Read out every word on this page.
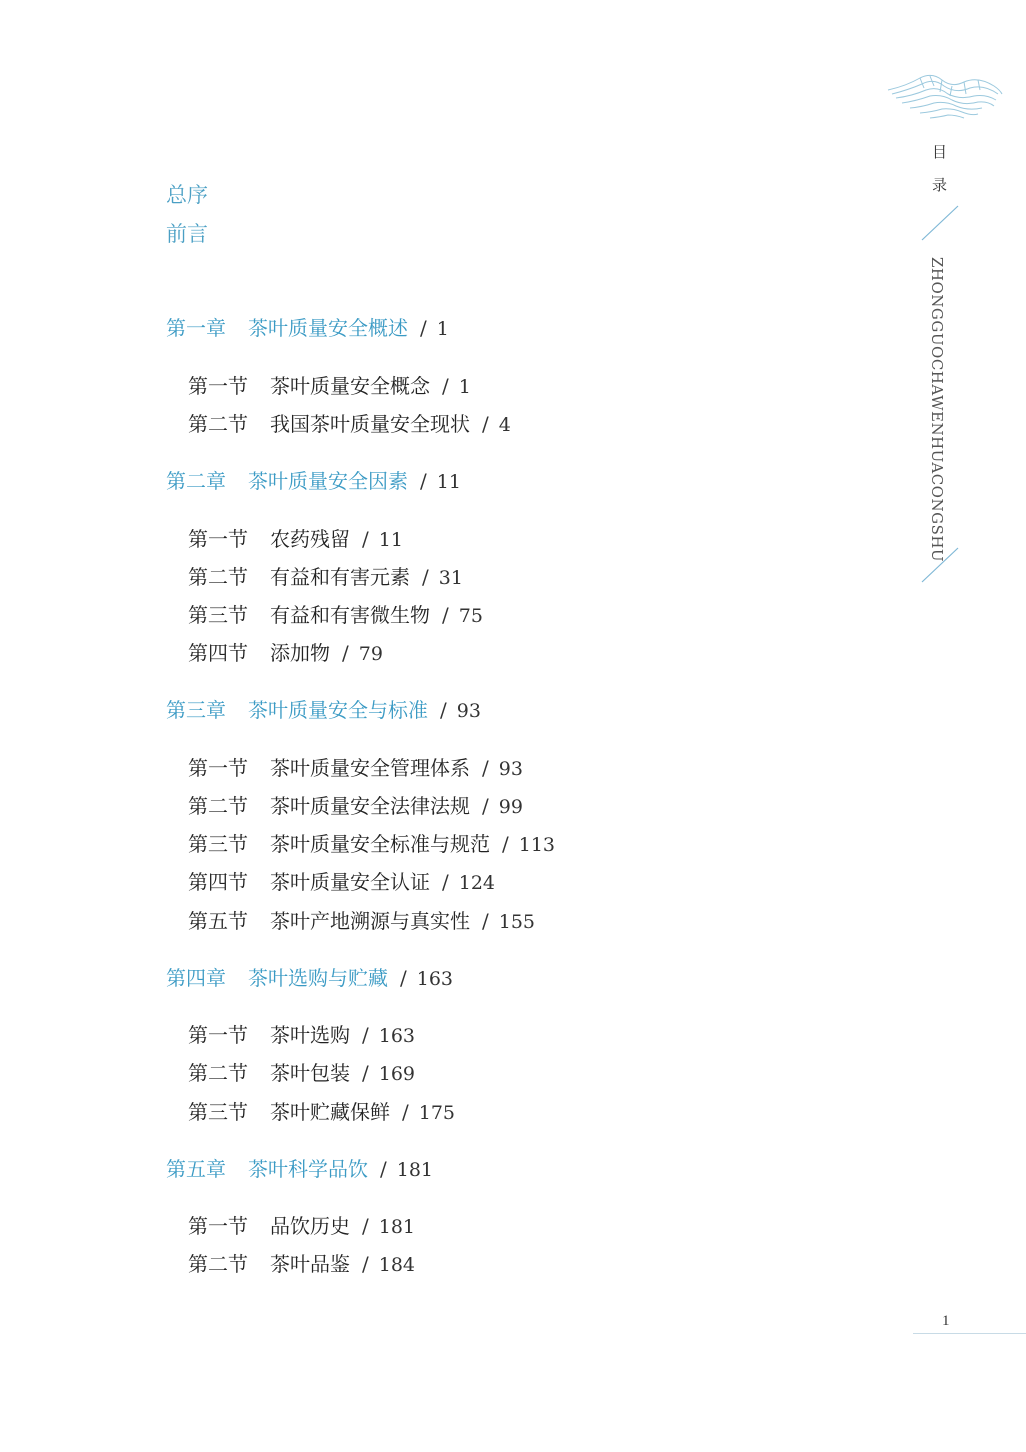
目
录
ZHONGGUOCHAWENHUACONGSHU
总序
前言
第一章 茶叶质量安全概述 / 1
第一节 茶叶质量安全概念 / 1
第二节 我国茶叶质量安全现状 / 4
第二章 茶叶质量安全因素 / 11
第一节 农药残留 / 11
第二节 有益和有害元素 / 31
第三节 有益和有害微生物 / 75
第四节 添加物 / 79
第三章 茶叶质量安全与标准 / 93
第一节 茶叶质量安全管理体系 / 93
第二节 茶叶质量安全法律法规 / 99
第三节 茶叶质量安全标准与规范 / 113
第四节 茶叶质量安全认证 / 124
第五节 茶叶产地溯源与真实性 / 155
第四章 茶叶选购与贮藏 / 163
第一节 茶叶选购 / 163
第二节 茶叶包装 / 169
第三节 茶叶贮藏保鲜 / 175
第五章 茶叶科学品饮 / 181
第一节 品饮历史 / 181
第二节 茶叶品鉴 / 184
1
